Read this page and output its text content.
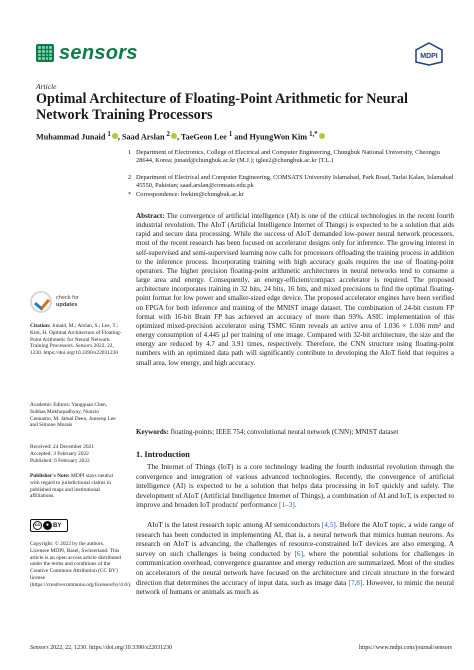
sensors	MDPI
Article
Optimal Architecture of Floating-Point Arithmetic for Neural Network Training Processors
Muhammad Junaid $^1$ , Saad Arslan $^2$ , TaeGeon Lee $^1$ and HyungWon Kim $^{1,*}$
1 Department of Electronics, College of Electrical and Computer Engineering, Chungbuk National University, Cheongju 28644, Korea; junaid@chungbuk.ac.kr (M.J.); tglee2@chungbuk.ac.kr (T.L.)
2 Department of Electrical and Computer Engineering, COMSATS University Islamabad, Park Road, Tarlai Kalan, Islamabad 45550, Pakistan; saad.arslan@comsats.edu.pk
* Correspondence: hwkim@chungbuk.ac.kr
Abstract: The convergence of artificial intelligence (AI) is one of the critical technologies in the recent fourth industrial revolution. The AIoT (Artificial Intelligence Internet of Things) is expected to be a solution that aids rapid and secure data processing. While the success of AIoT demanded low-power neural network processors, most of the recent research has been focused on accelerator designs only for inference. The growing interest in self-supervised and semi-supervised learning now calls for processors offloading the training process in addition to the inference process. Incorporating training with high accuracy goals requires the use of floating-point operators. The higher precision floating-point arithmetic architectures in neural networks tend to consume a large area and energy. Consequently, an energy-efficient/compact accelerator is required. The proposed architecture incorporates training in 32 bits, 24 bits, 16 bits, and mixed precisions to find the optimal floating-point format for low power and smaller-sized edge device. The proposed accelerator engines have been verified on FPGA for both inference and training of the MNIST image dataset. The combination of 24-bit custom FP format with 16-bit Brain FP has achieved an accuracy of more than 93%. ASIC implementation of this optimized mixed-precision accelerator using TSMC 65nm reveals an active area of 1.036 × 1.036 mm² and energy consumption of 4.445 µJ per training of one image. Compared with 32-bit architecture, the size and the energy are reduced by 4.7 and 3.91 times, respectively. Therefore, the CNN structure using floating-point numbers with an optimized data path will significantly contribute to developing the AIoT field that requires a small area, low energy, and high accuracy.
Keywords: floating-points; IEEE 754; convolutional neural network (CNN); MNIST dataset
check for
updates
Citation: Junaid, M.; Arslan, S.; Lee, T.; Kim, H. Optimal Architecture of Floating-Point Arithmetic for Neural Network Training Processors. Sensors 2022, 22, 1230. https://doi.org/10.3390/s22031230
Academic Editors: Yangquan Chen, Subhas Mukhopadhyay, Nunzio Cennamo, M. Jamal Deen, Junseop Lee and Simone Morais
Received: 24 December 2021
Accepted: 3 February 2022
Published: 6 February 2022
Publisher's Note: MDPI stays neutral with regard to jurisdictional claims in published maps and institutional affiliations.
cc	● BY
Copyright: © 2022 by the authors. Licensee MDPI, Basel, Switzerland. This article is an open access article distributed under the terms and conditions of the Creative Commons Attribution (CC BY) license (https://creativecommons.org/licenses/by/4.0/).
1. Introduction
The Internet of Things (IoT) is a core technology leading the fourth industrial revolution through the convergence and integration of various advanced technologies. Recently, the convergence of artificial intelligence (AI) is expected to be a solution that helps data processing in IoT quickly and safely. The development of AIoT (Artificial Intelligence Internet of Things), a combination of AI and IoT, is expected to improve and broaden IoT products' performance [1–3].
AIoT is the latest research topic among AI semiconductors [4,5]. Before the AIoT topic, a wide range of research has been conducted in implementing AI, that is, a neural network that mimics human neurons. As research on AIoT is advancing, the challenges of resource-constrained IoT devices are also emerging. A survey on such challenges is being conducted by [6], where the potential solutions for challenges in communication overhead, convergence guarantee and energy reduction are summarized. Most of the studies on accelerators of the neural network have focused on the architecture and circuit structure in the forward direction that determines the accuracy of input data, such as image data [7,8]. However, to mimic the neural network of humans or animals as much as
Sensors 2022, 22, 1230. https://doi.org/10.3390/s22031230	https://www.mdpi.com/journal/sensors
